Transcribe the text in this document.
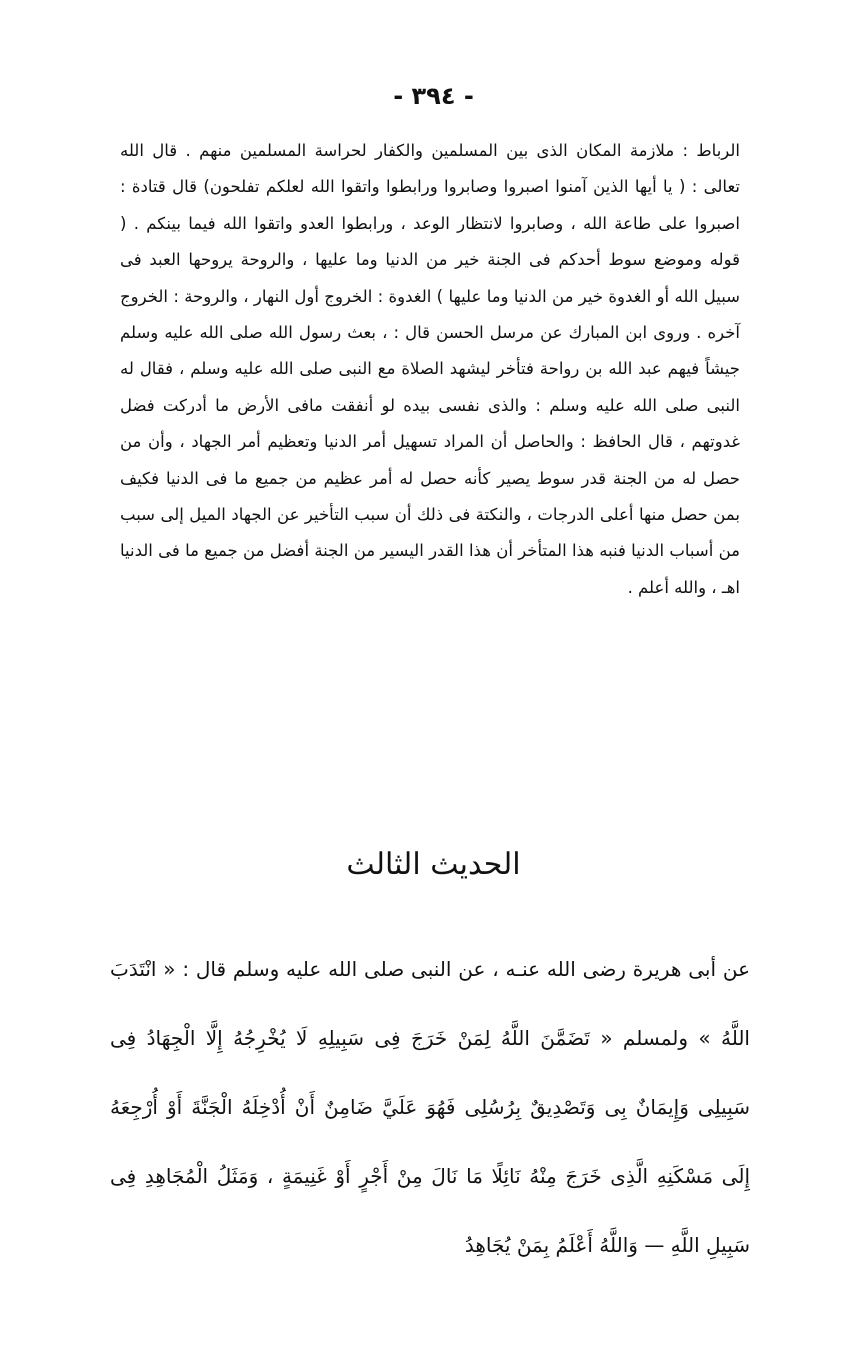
- ٣٩٤ -

الرباط : ملازمة المكان الذى بين المسلمين والكفار لحراسة المسلمين منهم . قال الله تعالى : ( يا أيها الذين آمنوا اصبروا وصابروا ورابطوا واتقوا الله لعلكم تفلحون) قال قتادة : اصبروا على طاعة الله ، وصابروا لانتظار الوعد ، ورابطوا العدو واتقوا الله فيما بينكم . ( قوله وموضع سوط أحدكم فى الجنة خير من الدنيا وما عليها ، والروحة يروحها العبد فى سبيل الله أو الغدوة خير من الدنيا وما عليها ) الغدوة : الخروج أول النهار ، والروحة : الخروج آخره . وروى ابن المبارك عن مرسل الحسن قال : ، بعث رسول الله صلى الله عليه وسلم جيشاً فيهم عبد الله بن رواحة فتأخر ليشهد الصلاة مع النبى صلى الله عليه وسلم ، فقال له النبى صلى الله عليه وسلم : والذى نفسى بيده لو أنفقت مافى الأرض ما أدركت فضل غدوتهم ، قال الحافظ : والحاصل أن المراد تسهيل أمر الدنيا وتعظيم أمر الجهاد ، وأن من حصل له من الجنة قدر سوط يصير كأنه حصل له أمر عظيم من جميع ما فى الدنيا فكيف بمن حصل منها أعلى الدرجات ، والنكتة فى ذلك أن سبب التأخير عن الجهاد الميل إلى سبب من أسباب الدنيا فنبه هذا المتأخر أن هذا القدر اليسير من الجنة أفضل من جميع ما فى الدنيا اهـ ، والله أعلم .

الحديث الثالث

عن أبى هريرة رضى الله عنـه ، عن النبى صلى الله عليه وسلم قال : « انْتَدَبَ اللَّهُ » ولمسلم « تَضَمَّنَ اللَّهُ لِمَنْ خَرَجَ فِى سَبِيلِهِ لَا يُخْرِجُهُ إِلَّا الْجِهَادُ فِى سَبِيلِى وَإِيمَانٌ بِى وَتَصْدِيقٌ بِرُسُلِى فَهُوَ عَلَيَّ ضَامِنٌ أَنْ أُدْخِلَهُ الْجَنَّةَ أَوْ أُرْجِعَهُ إِلَى مَسْكَنِهِ الَّذِى خَرَجَ مِنْهُ نَائِلًا مَا نَالَ مِنْ أَجْرٍ أَوْ غَنِيمَةٍ ، وَمَثَلُ الْمُجَاهِدِ فِى سَبِيلِ اللَّهِ — وَاللَّهُ أَعْلَمُ بِمَنْ يُجَاهِدُ
